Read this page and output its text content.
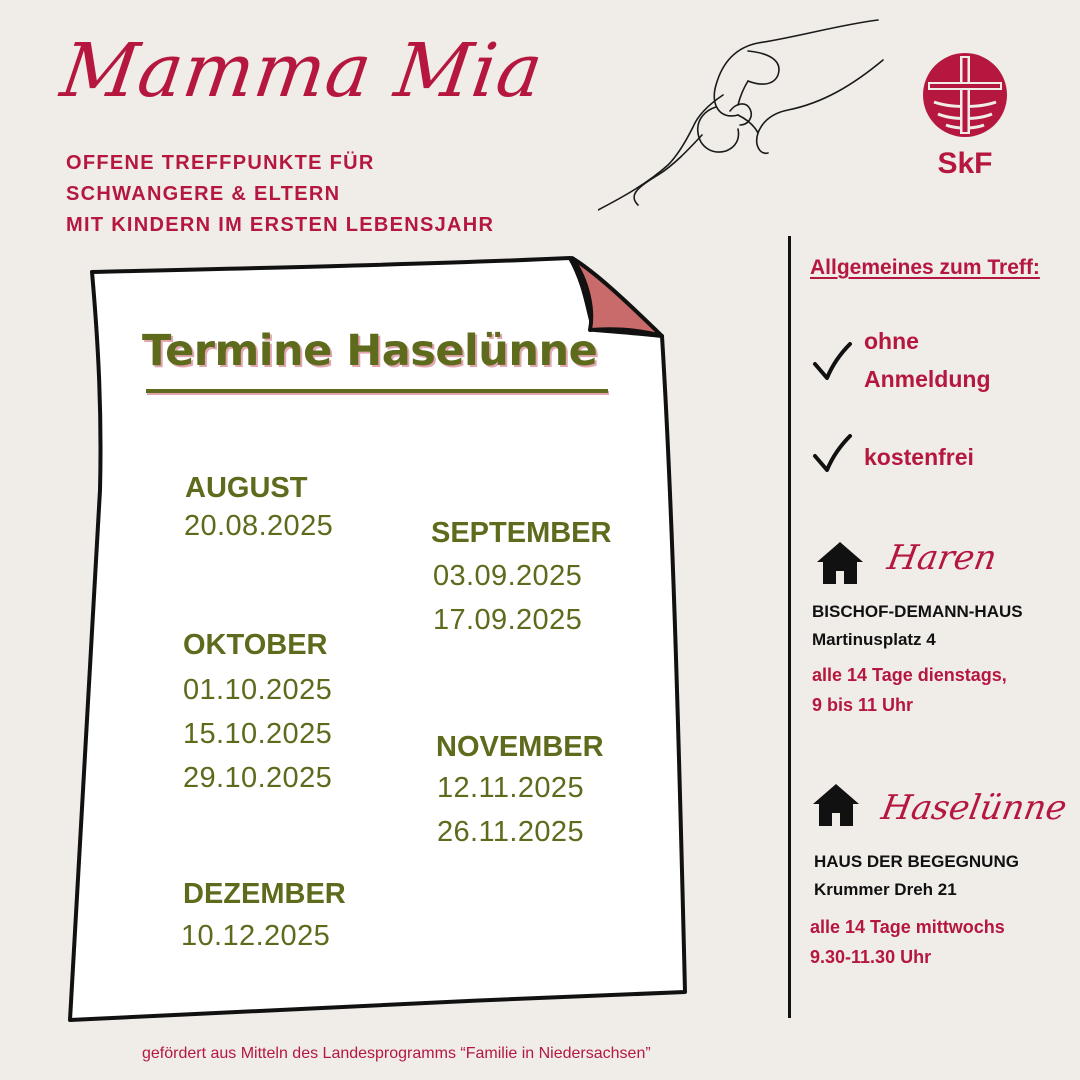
Mamma Mia
OFFENE TREFFPUNKTE FÜR
SCHWANGERE & ELTERN
MIT KINDERN IM ERSTEN LEBENSJAHR
SkF
Termine Haselünne
AUGUST
20.08.2025	SEPTEMBER
03.09.2025
17.09.2025
OKTOBER
01.10.2025
15.10.2025
29.10.2025
NOVEMBER
12.11.2025
26.11.2025
DEZEMBER
10.12.2025
Allgemeines zum Treff:
ohne
Anmeldung
kostenfrei
Haren
BISCHOF-DEMANN-HAUS
Martinusplatz 4
alle 14 Tage dienstags,
9 bis 11 Uhr
Haselünne
HAUS DER BEGEGNUNG
Krummer Dreh 21
alle 14 Tage mittwochs
9.30-11.30 Uhr
gefördert aus Mitteln des Landesprogramms “Familie in Niedersachsen”
